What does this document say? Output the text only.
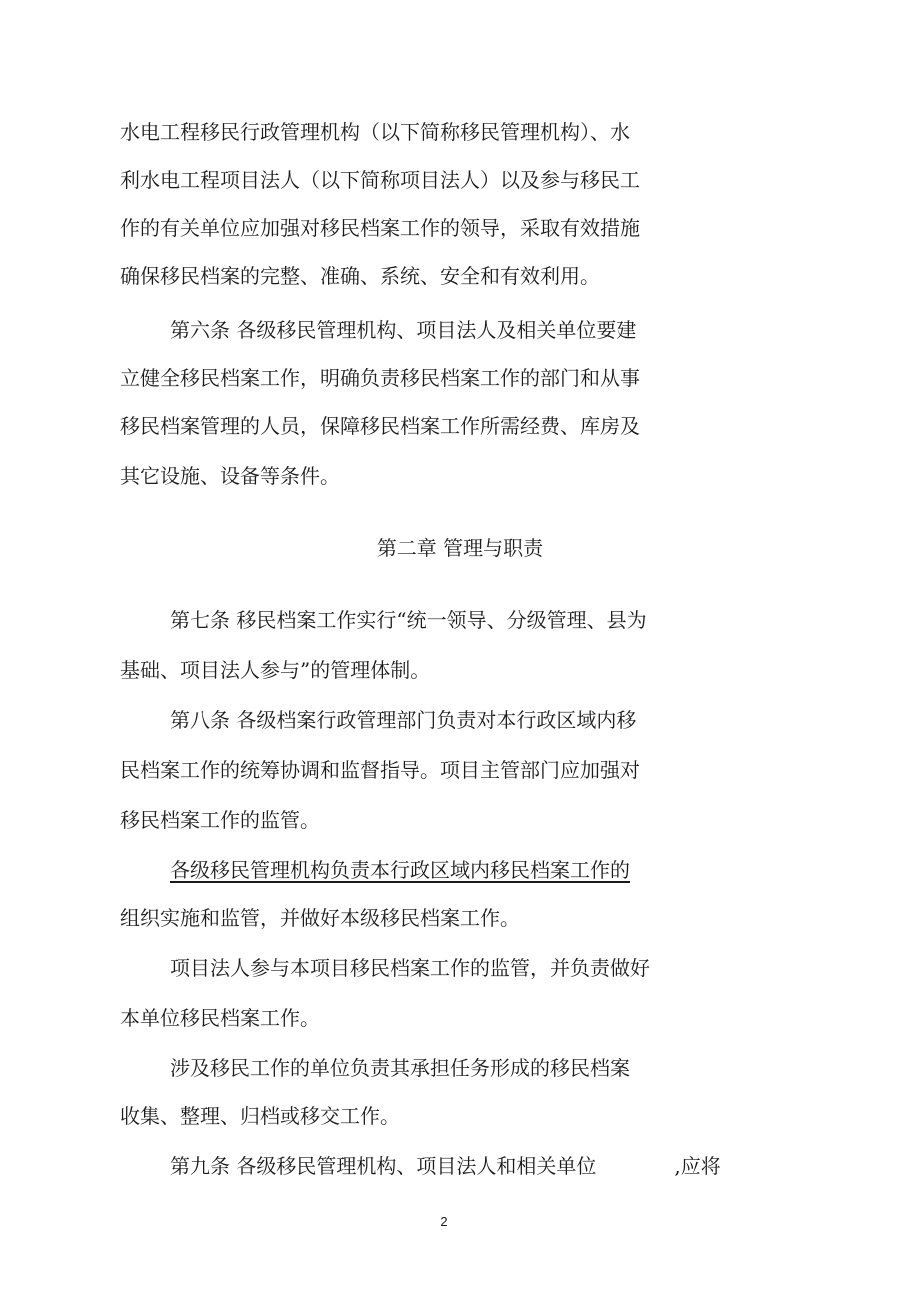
水电工程移民行政管理机构（以下简称移民管理机构）、水
利水电工程项目法人（以下简称项目法人）以及参与移民工
作的有关单位应加强对移民档案工作的领导，采取有效措施
确保移民档案的完整、准确、系统、安全和有效利用。
第六条 各级移民管理机构、项目法人及相关单位要建
立健全移民档案工作，明确负责移民档案工作的部门和从事
移民档案管理的人员，保障移民档案工作所需经费、库房及
其它设施、设备等条件。
第二章 管理与职责
第七条 移民档案工作实行“统一领导、分级管理、县为
基础、项目法人参与”的管理体制。
第八条 各级档案行政管理部门负责对本行政区域内移
民档案工作的统筹协调和监督指导。项目主管部门应加强对
移民档案工作的监管。
各级移民管理机构负责本行政区域内移民档案工作的
组织实施和监管，并做好本级移民档案工作。
项目法人参与本项目移民档案工作的监管，并负责做好
本单位移民档案工作。
涉及移民工作的单位负责其承担任务形成的移民档案
收集、整理、归档或移交工作。
第九条 各级移民管理机构、项目法人和相关单位	,应将
2
